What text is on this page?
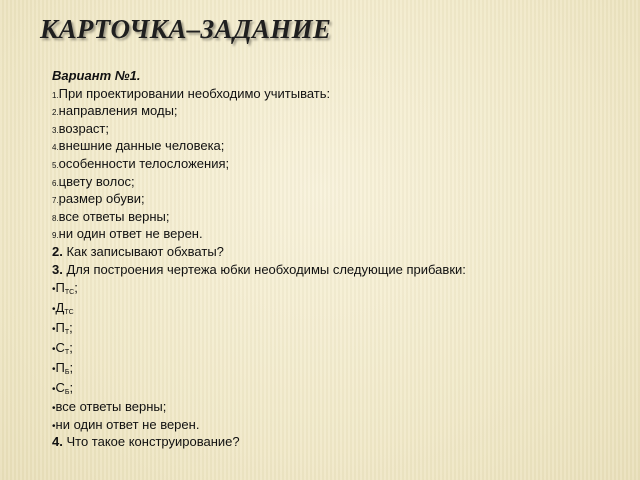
КАРТОЧКА–ЗАДАНИЕ
Вариант №1.
1.При проектировании необходимо учитывать:
2.направления моды;
3.возраст;
4.внешние данные человека;
5.особенности телосложения;
6.цвету волос;
7.размер обуви;
8.все ответы верны;
9.ни один ответ не верен.
2. Как записывают обхваты?
3. Для построения чертежа юбки необходимы следующие прибавки:
$•П_{ТС}$;
$•Д_{ТС}$
$•П_Т$;
$•С_Т$;
$•П_Б$;
$•С_Б$;
•все ответы верны;
•ни один ответ не верен.
4. Что такое конструирование?
